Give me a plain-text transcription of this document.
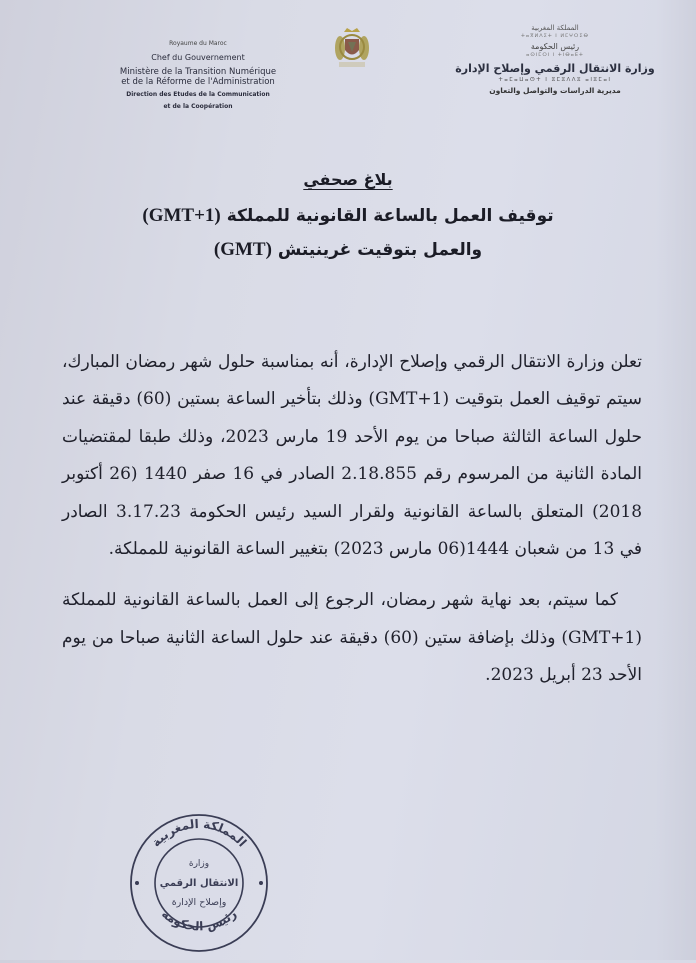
Royaume du Maroc
Chef du Gouvernement
Ministère de la Transition Numérique
et de la Réforme de l'Administration
Direction des Etudes de la Communication
et de la Coopération
المملكة المغربية
ⵜⴰⴳⵍⴷⵉⵜ ⵏ ⵍⵎⵖⵔⵉⴱ
رئيس الحكومة
ⴰⵙⵏⵎⵔⵏ ⵏ ⵜⵏⴱⴰⴹⵜ
وزارة الانتقال الرقمي وإصلاح الإدارة
ⵜⴰⵎⴰⵡⴰⵙⵜ ⵏ ⵓⵎⵓⴷⴷⵓ ⴰⵏⵓⵎⴰⵏ
مديرية الدراسات والتواصل والتعاون
بلاغ صحفي
توقيف العمل بالساعة القانونية للمملكة (GMT+1)
والعمل بتوقيت غرينيتش (GMT)

تعلن وزارة الانتقال الرقمي وإصلاح الإدارة، أنه بمناسبة حلول شهر رمضان المبارك، سيتم توقيف العمل بتوقيت (GMT+1) وذلك بتأخير الساعة بستين (60) دقيقة عند حلول الساعة الثالثة صباحا من يوم الأحد 19 مارس 2023، وذلك طبقا لمقتضيات المادة الثانية من المرسوم رقم 2.18.855 الصادر في 16 صفر 1440 (26 أكتوبر 2018) المتعلق بالساعة القانونية ولقرار السيد رئيس الحكومة 3.17.23 الصادر في 13 من شعبان 1444(06 مارس 2023) بتغيير الساعة القانونية للمملكة.

كما سيتم، بعد نهاية شهر رمضان، الرجوع إلى العمل بالساعة القانونية للمملكة (GMT+1) وذلك بإضافة ستين (60) دقيقة عند حلول الساعة الثانية صباحا من يوم الأحد 23 أبريل 2023.

المملكة المغربية
رئيس الحكومة
وزارة
الانتقال الرقمي
وإصلاح الإدارة
